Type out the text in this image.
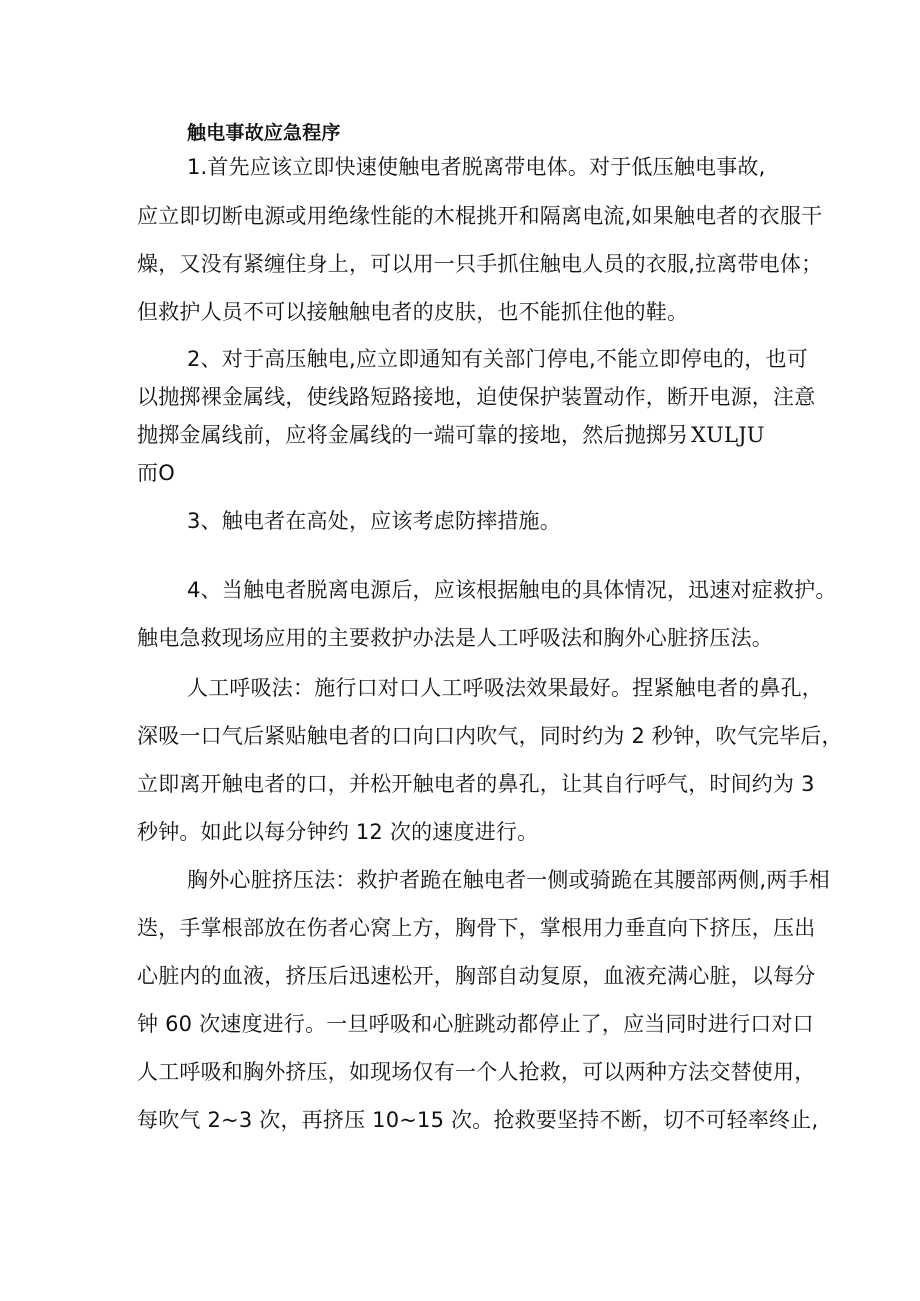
触电事故应急程序
1.首先应该立即快速使触电者脱离带电体。对于低压触电事故,
应立即切断电源或用绝缘性能的木棍挑开和隔离电流,如果触电者的衣服干
燥，又没有紧缠住身上，可以用一只手抓住触电人员的衣服,拉离带电体；
但救护人员不可以接触触电者的皮肤，也不能抓住他的鞋。
2、对于高压触电,应立即通知有关部门停电,不能立即停电的，也可
以抛掷裸金属线，使线路短路接地，迫使保护装置动作，断开电源，注意
抛掷金属线前，应将金属线的一端可靠的接地，然后抛掷另 XULJU
而O
3、触电者在高处，应该考虑防摔措施。
4、当触电者脱离电源后，应该根据触电的具体情况，迅速对症救护。
触电急救现场应用的主要救护办法是人工呼吸法和胸外心脏挤压法。
人工呼吸法：施行口对口人工呼吸法效果最好。捏紧触电者的鼻孔，
深吸一口气后紧贴触电者的口向口内吹气，同时约为 2 秒钟，吹气完毕后，
立即离开触电者的口，并松开触电者的鼻孔，让其自行呼气，时间约为 3
秒钟。如此以每分钟约 12 次的速度进行。
胸外心脏挤压法：救护者跪在触电者一侧或骑跪在其腰部两侧,两手相
迭，手掌根部放在伤者心窝上方，胸骨下，掌根用力垂直向下挤压，压出
心脏内的血液，挤压后迅速松开，胸部自动复原，血液充满心脏，以每分
钟 60 次速度进行。一旦呼吸和心脏跳动都停止了，应当同时进行口对口
人工呼吸和胸外挤压，如现场仅有一个人抢救，可以两种方法交替使用，
每吹气 2~3 次，再挤压 10~15 次。抢救要坚持不断，切不可轻率终止,
